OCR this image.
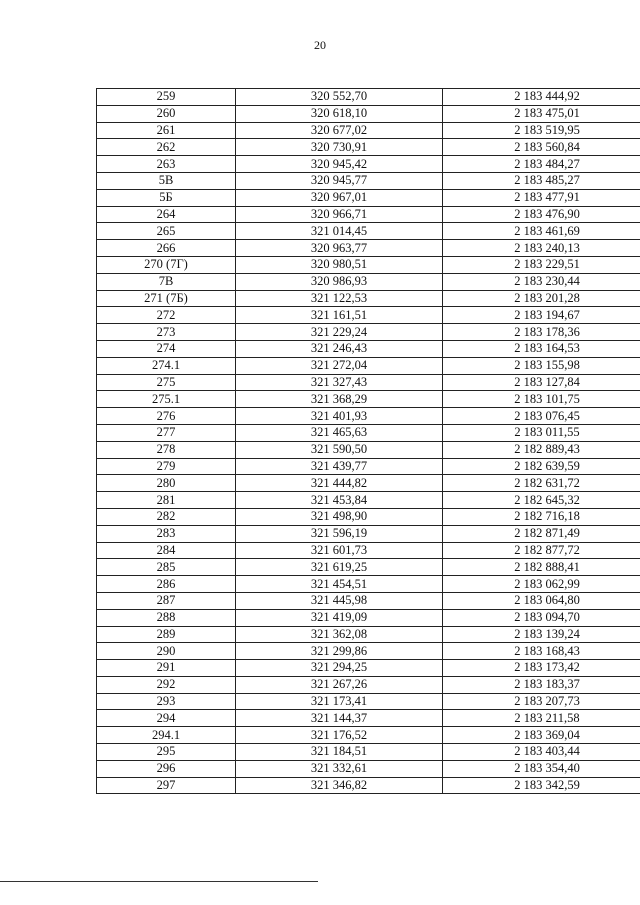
20
259	320 552,70	2 183 444,92
260	320 618,10	2 183 475,01
261	320 677,02	2 183 519,95
262	320 730,91	2 183 560,84
263	320 945,42	2 183 484,27
5В	320 945,77	2 183 485,27
5Б	320 967,01	2 183 477,91
264	320 966,71	2 183 476,90
265	321 014,45	2 183 461,69
266	320 963,77	2 183 240,13
270 (7Г)	320 980,51	2 183 229,51
7В	320 986,93	2 183 230,44
271 (7Б)	321 122,53	2 183 201,28
272	321 161,51	2 183 194,67
273	321 229,24	2 183 178,36
274	321 246,43	2 183 164,53
274.1	321 272,04	2 183 155,98
275	321 327,43	2 183 127,84
275.1	321 368,29	2 183 101,75
276	321 401,93	2 183 076,45
277	321 465,63	2 183 011,55
278	321 590,50	2 182 889,43
279	321 439,77	2 182 639,59
280	321 444,82	2 182 631,72
281	321 453,84	2 182 645,32
282	321 498,90	2 182 716,18
283	321 596,19	2 182 871,49
284	321 601,73	2 182 877,72
285	321 619,25	2 182 888,41
286	321 454,51	2 183 062,99
287	321 445,98	2 183 064,80
288	321 419,09	2 183 094,70
289	321 362,08	2 183 139,24
290	321 299,86	2 183 168,43
291	321 294,25	2 183 173,42
292	321 267,26	2 183 183,37
293	321 173,41	2 183 207,73
294	321 144,37	2 183 211,58
294.1	321 176,52	2 183 369,04
295	321 184,51	2 183 403,44
296	321 332,61	2 183 354,40
297	321 346,82	2 183 342,59
